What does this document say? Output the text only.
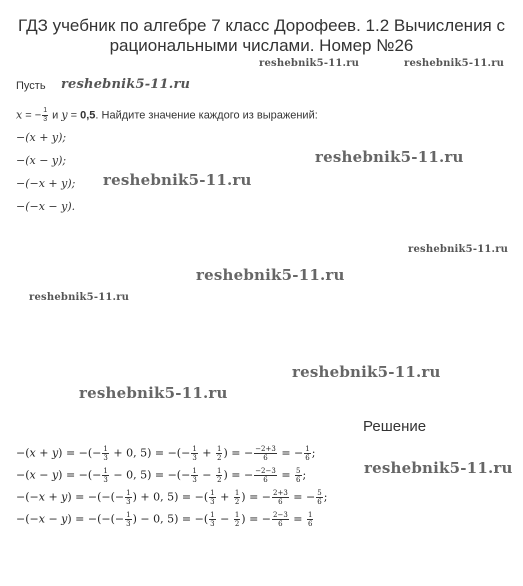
ГДЗ учебник по алгебре 7 класс Дорофеев. 1.2 Вычисления с
рациональными числами. Номер №26
reshebnik5-11.ru	reshebnik5-11.ru
reshebnik5-11.ru
reshebnik5-11.ru
reshebnik5-11.ru
reshebnik5-11.ru
reshebnik5-11.ru
reshebnik5-11.ru
reshebnik5-11.ru
reshebnik5-11.ru
reshebnik5-11.ru
Пусть
x = − $\frac{1}{3}$ и y = 0,5. Найдите значение каждого из выражений:
−(x + y);
−(x − y);
−(−x + y);
−(−x − y).
Решение
−(x + y) = −(− $\frac{1}{3} + 0$, 5) = −(− $\frac{1}{3} + \frac{1}{2}$ ) = − $\frac{-2+3}{6}$ = − $\frac{1}{6}$ ;
−(x − y) = −(− $\frac{1}{3} - 0$, 5) = −(− $\frac{1}{3} - \frac{1}{2}$ ) = − $\frac{-2-3}{6} = \frac{5}{6}$ ;
−(−x + y) = −(−(− $\frac{1}{3}$ ) + 0, 5) = −( $\frac{1}{3} + \frac{1}{2}$ ) = − $\frac{2+3}{6}$ = − $\frac{5}{6}$ ;
−(−x − y) = −(−(− $\frac{1}{3}$ ) − 0, 5) = −( $\frac{1}{3} - \frac{1}{2}$ ) = − $\frac{2-3}{6} = \frac{1}{6}$
